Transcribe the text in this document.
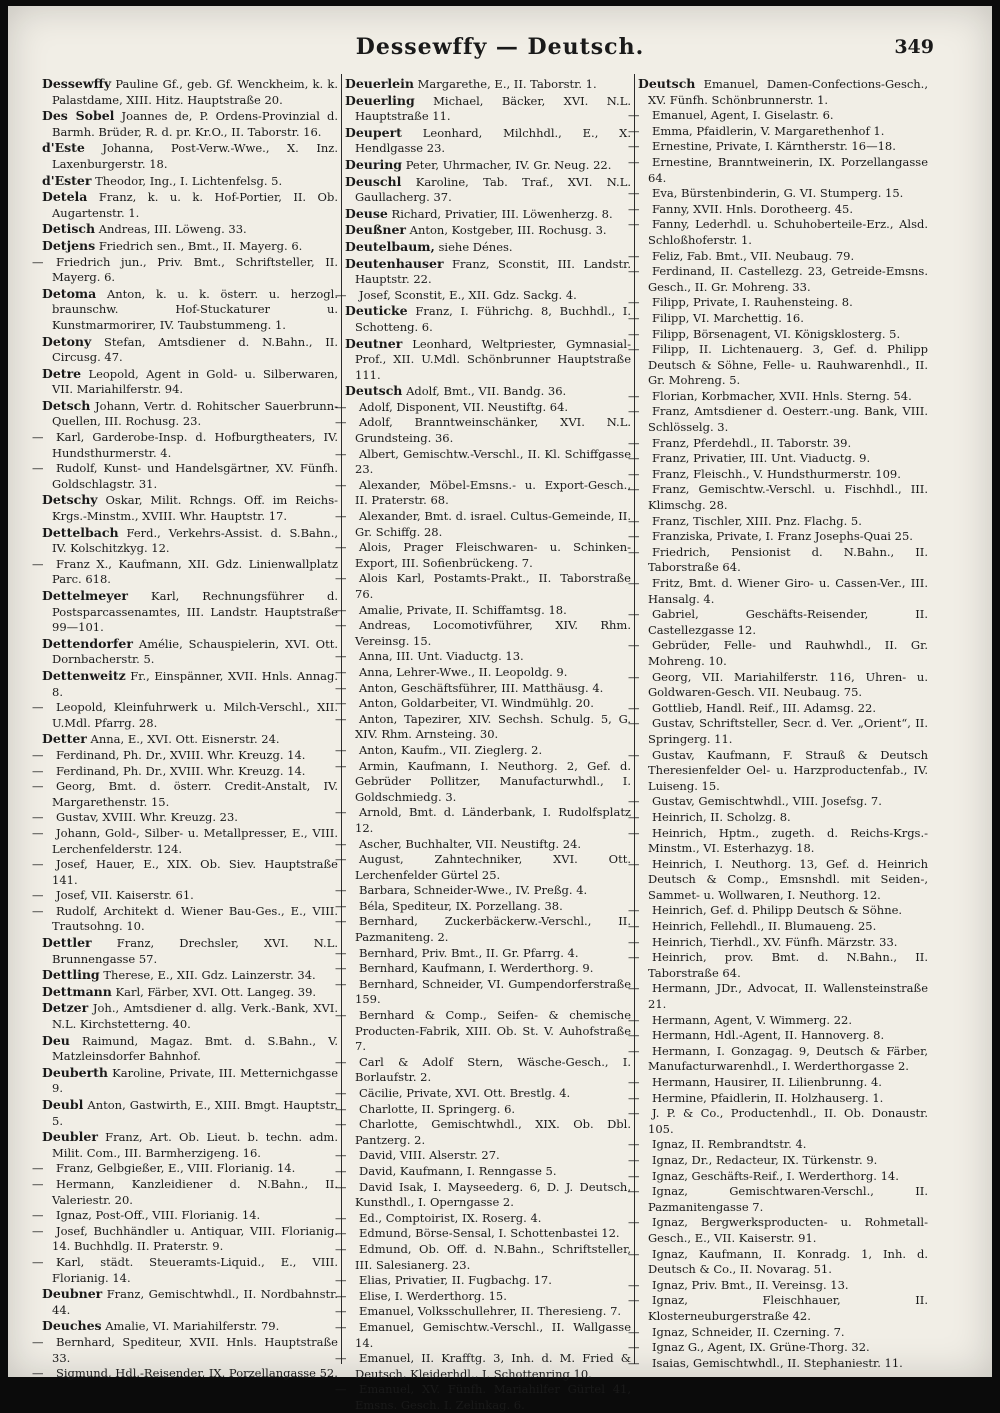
Dessewffy — Deutsch.	349

Dessewffy Pauline Gf., geb. Gf. Wenckheim, k. k. Palastdame, XIII. Hitz. Hauptstraße 20.

Des Sobel Joannes de, P. Ordens-Provinzial d. Barmh. Brüder, R. d. pr. Kr.O., II. Taborstr. 16.

d'Este Johanna, Post-Verw.-Wwe., X. Inz. Laxenburgerstr. 18.

d'Ester Theodor, Ing., I. Lichtenfelsg. 5.

Detela Franz, k. u. k. Hof-Portier, II. Ob. Augartenstr. 1.

Detisch Andreas, III. Löweng. 33.

Detjens Friedrich sen., Bmt., II. Mayerg. 6.

— Friedrich jun., Priv. Bmt., Schriftsteller, II. Mayerg. 6.

Detoma Anton, k. u. k. österr. u. herzogl. braunschw. Hof-Stuckaturer u. Kunstmarmorirer, IV. Taubstummeng. 1.

Detony Stefan, Amtsdiener d. N.Bahn., II. Circusg. 47.

Detre Leopold, Agent in Gold- u. Silberwaren, VII. Mariahilferstr. 94.

Detsch Johann, Vertr. d. Rohitscher Sauerbrunn-Quellen, III. Rochusg. 23.

— Karl, Garderobe-Insp. d. Hofburgtheaters, IV. Hundsthurmerstr. 4.

— Rudolf, Kunst- und Handelsgärtner, XV. Fünfh. Goldschlagstr. 31.

Detschy Oskar, Milit. Rchngs. Off. im Reichs-Krgs.-Minstm., XVIII. Whr. Hauptstr. 17.

Dettelbach Ferd., Verkehrs-Assist. d. S.Bahn., IV. Kolschitzkyg. 12.

— Franz X., Kaufmann, XII. Gdz. Linienwallplatz Parc. 618.

Dettelmeyer Karl, Rechnungsführer d. Postsparcassenamtes, III. Landstr. Hauptstraße 99—101.

Dettendorfer Amélie, Schauspielerin, XVI. Ott. Dornbacherstr. 5.

Dettenweitz Fr., Einspänner, XVII. Hnls. Annag. 8.

— Leopold, Kleinfuhrwerk u. Milch-Verschl., XII. U.Mdl. Pfarrg. 28.

Detter Anna, E., XVI. Ott. Eisnerstr. 24.

— Ferdinand, Ph. Dr., XVIII. Whr. Kreuzg. 14.

— Ferdinand, Ph. Dr., XVIII. Whr. Kreuzg. 14.

— Georg, Bmt. d. österr. Credit-Anstalt, IV. Margarethenstr. 15.

— Gustav, XVIII. Whr. Kreuzg. 23.

— Johann, Gold-, Silber- u. Metallpresser, E., VIII. Lerchenfelderstr. 124.

— Josef, Hauer, E., XIX. Ob. Siev. Hauptstraße 141.

— Josef, VII. Kaiserstr. 61.

— Rudolf, Architekt d. Wiener Bau-Ges., E., VIII. Trautsohng. 10.

Dettler Franz, Drechsler, XVI. N.L. Brunnengasse 57.

Dettling Therese, E., XII. Gdz. Lainzerstr. 34.

Dettmann Karl, Färber, XVI. Ott. Langeg. 39.

Detzer Joh., Amtsdiener d. allg. Verk.-Bank, XVI. N.L. Kirchstetterng. 40.

Deu Raimund, Magaz. Bmt. d. S.Bahn., V. Matzleinsdorfer Bahnhof.

Deuberth Karoline, Private, III. Metternichgasse 9.

Deubl Anton, Gastwirth, E., XIII. Bmgt. Hauptstr. 5.

Deubler Franz, Art. Ob. Lieut. b. techn. adm. Milit. Com., III. Barmherzigeng. 16.

— Franz, Gelbgießer, E., VIII. Florianig. 14.

— Hermann, Kanzleidiener d. N.Bahn., II. Valeriestr. 20.

— Ignaz, Post-Off., VIII. Florianig. 14.

— Josef, Buchhändler u. Antiquar, VIII. Florianig. 14. Buchhdlg. II. Praterstr. 9.

— Karl, städt. Steueramts-Liquid., E., VIII. Florianig. 14.

Deubner Franz, Gemischtwhdl., II. Nordbahnstr. 44.

Deuches Amalie, VI. Mariahilferstr. 79.

— Bernhard, Spediteur, XVII. Hnls. Hauptstraße 33.

— Sigmund, Hdl.-Reisender, IX. Porzellangasse 52.

Deuerlein Margarethe, E., II. Taborstr. 1.

Deuerling Michael, Bäcker, XVI. N.L. Hauptstraße 11.

Deupert Leonhard, Milchhdl., E., X. Hendlgasse 23.

Deuring Peter, Uhrmacher, IV. Gr. Neug. 22.

Deuschl Karoline, Tab. Traf., XVI. N.L. Gaullacherg. 37.

Deuse Richard, Privatier, III. Löwenherzg. 8.

Deußner Anton, Kostgeber, III. Rochusg. 3.

Deutelbaum, siehe Dénes.

Deutenhauser Franz, Sconstit, III. Landstr. Hauptstr. 22.

— Josef, Sconstit, E., XII. Gdz. Sackg. 4.

Deuticke Franz, I. Führichg. 8, Buchhdl., I. Schotteng. 6.

Deutner Leonhard, Weltpriester, Gymnasial-Prof., XII. U.Mdl. Schönbrunner Hauptstraße 111.

Deutsch Adolf, Bmt., VII. Bandg. 36.

— Adolf, Disponent, VII. Neustiftg. 64.

— Adolf, Branntweinschänker, XVI. N.L. Grundsteing. 36.

— Albert, Gemischtw.-Verschl., II. Kl. Schiffgasse 23.

— Alexander, Möbel-Emsns.- u. Export-Gesch., II. Praterstr. 68.

— Alexander, Bmt. d. israel. Cultus-Gemeinde, II. Gr. Schiffg. 28.

— Alois, Prager Fleischwaren- u. Schinken-Export, III. Sofienbrückeng. 7.

— Alois Karl, Postamts-Prakt., II. Taborstraße 76.

— Amalie, Private, II. Schiffamtsg. 18.

— Andreas, Locomotivführer, XIV. Rhm. Vereinsg. 15.

— Anna, III. Unt. Viaductg. 13.

— Anna, Lehrer-Wwe., II. Leopoldg. 9.

— Anton, Geschäftsführer, III. Matthäusg. 4.

— Anton, Goldarbeiter, VI. Windmühlg. 20.

— Anton, Tapezirer, XIV. Sechsh. Schulg. 5, G. XIV. Rhm. Arnsteing. 30.

— Anton, Kaufm., VII. Zieglerg. 2.

— Armin, Kaufmann, I. Neuthorg. 2, Gef. d. Gebrüder Pollitzer, Manufacturwhdl., I. Goldschmiedg. 3.

— Arnold, Bmt. d. Länderbank, I. Rudolfsplatz 12.

— Ascher, Buchhalter, VII. Neustiftg. 24.

— August, Zahntechniker, XVI. Ott. Lerchenfelder Gürtel 25.

— Barbara, Schneider-Wwe., IV. Preßg. 4.

— Béla, Spediteur, IX. Porzellang. 38.

— Bernhard, Zuckerbäckerw.-Verschl., II. Pazmaniteng. 2.

— Bernhard, Priv. Bmt., II. Gr. Pfarrg. 4.

— Bernhard, Kaufmann, I. Werderthorg. 9.

— Bernhard, Schneider, VI. Gumpendorferstraße 159.

— Bernhard & Comp., Seifen- & chemische Producten-Fabrik, XIII. Ob. St. V. Auhofstraße 7.

— Carl & Adolf Stern, Wäsche-Gesch., I. Borlaufstr. 2.

— Cäcilie, Private, XVI. Ott. Brestlg. 4.

— Charlotte, II. Springerg. 6.

— Charlotte, Gemischtwhdl., XIX. Ob. Dbl. Pantzerg. 2.

— David, VIII. Alserstr. 27.

— David, Kaufmann, I. Renngasse 5.

— David Isak, I. Mayseederg. 6, D. J. Deutsch, Kunsthdl., I. Operngasse 2.

— Ed., Comptoirist, IX. Roserg. 4.

— Edmund, Börse-Sensal, I. Schottenbastei 12.

— Edmund, Ob. Off. d. N.Bahn., Schriftsteller, III. Salesianerg. 23.

— Elias, Privatier, II. Fugbachg. 17.

— Elise, I. Werderthorg. 15.

— Emanuel, Volksschullehrer, II. Theresieng. 7.

— Emanuel, Gemischtw.-Verschl., II. Wallgasse 14.

— Emanuel, II. Krafftg. 3, Inh. d. M. Fried & Deutsch, Kleiderhdl., I. Schottenring 10.

— Emanuel, XV. Fünfh. Mariahilfer Gürtel 41, Emsns. Gesch. I. Zelinkag. 6.

Deutsch Emanuel, Damen-Confections-Gesch., XV. Fünfh. Schönbrunnerstr. 1.

— Emanuel, Agent, I. Giselastr. 6.

— Emma, Pfaidlerin, V. Margarethenhof 1.

— Ernestine, Private, I. Kärntherstr. 16—18.

— Ernestine, Branntweinerin, IX. Porzellangasse 64.

— Eva, Bürstenbinderin, G. VI. Stumperg. 15.

— Fanny, XVII. Hnls. Dorotheerg. 45.

— Fanny, Lederhdl. u. Schuhoberteile-Erz., Alsd. Schloßhoferstr. 1.

— Feliz, Fab. Bmt., VII. Neubaug. 79.

— Ferdinand, II. Castellezg. 23, Getreide-Emsns. Gesch., II. Gr. Mohreng. 33.

— Filipp, Private, I. Rauhensteing. 8.

— Filipp, VI. Marchettig. 16.

— Filipp, Börsenagent, VI. Königsklosterg. 5.

— Filipp, II. Lichtenauerg. 3, Gef. d. Philipp Deutsch & Söhne, Felle- u. Rauhwarenhdl., II. Gr. Mohreng. 5.

— Florian, Korbmacher, XVII. Hnls. Sterng. 54.

— Franz, Amtsdiener d. Oesterr.-ung. Bank, VIII. Schlösselg. 3.

— Franz, Pferdehdl., II. Taborstr. 39.

— Franz, Privatier, III. Unt. Viaductg. 9.

— Franz, Fleischh., V. Hundsthurmerstr. 109.

— Franz, Gemischtw.-Verschl. u. Fischhdl., III. Klimschg. 28.

— Franz, Tischler, XIII. Pnz. Flachg. 5.

— Franziska, Private, I. Franz Josephs-Quai 25.

— Friedrich, Pensionist d. N.Bahn., II. Taborstraße 64.

— Fritz, Bmt. d. Wiener Giro- u. Cassen-Ver., III. Hansalg. 4.

— Gabriel, Geschäfts-Reisender, II. Castellezgasse 12.

— Gebrüder, Felle- und Rauhwhdl., II. Gr. Mohreng. 10.

— Georg, VII. Mariahilferstr. 116, Uhren- u. Goldwaren-Gesch. VII. Neubaug. 75.

— Gottlieb, Handl. Reif., III. Adamsg. 22.

— Gustav, Schriftsteller, Secr. d. Ver. „Orient“, II. Springerg. 11.

— Gustav, Kaufmann, F. Strauß & Deutsch Theresienfelder Oel- u. Harzproductenfab., IV. Luiseng. 15.

— Gustav, Gemischtwhdl., VIII. Josefsg. 7.

— Heinrich, II. Scholzg. 8.

— Heinrich, Hptm., zugeth. d. Reichs-Krgs.-Minstm., VI. Esterhazyg. 18.

— Heinrich, I. Neuthorg. 13, Gef. d. Heinrich Deutsch & Comp., Emsnshdl. mit Seiden-, Sammet- u. Wollwaren, I. Neuthorg. 12.

— Heinrich, Gef. d. Philipp Deutsch & Söhne.

— Heinrich, Fellehdl., II. Blumaueng. 25.

— Heinrich, Tierhdl., XV. Fünfh. Märzstr. 33.

— Heinrich, prov. Bmt. d. N.Bahn., II. Taborstraße 64.

— Hermann, JDr., Advocat, II. Wallensteinstraße 21.

— Hermann, Agent, V. Wimmerg. 22.

— Hermann, Hdl.-Agent, II. Hannoverg. 8.

— Hermann, I. Gonzagag. 9, Deutsch & Färber, Manufacturwarenhdl., I. Werderthorgasse 2.

— Hermann, Hausirer, II. Lilienbrunng. 4.

— Hermine, Pfaidlerin, II. Holzhauserg. 1.

— J. P. & Co., Productenhdl., II. Ob. Donaustr. 105.

— Ignaz, II. Rembrandtstr. 4.

— Ignaz, Dr., Redacteur, IX. Türkenstr. 9.

— Ignaz, Geschäfts-Reif., I. Werderthorg. 14.

— Ignaz, Gemischtwaren-Verschl., II. Pazmanitengasse 7.

— Ignaz, Bergwerksproducten- u. Rohmetall-Gesch., E., VII. Kaiserstr. 91.

— Ignaz, Kaufmann, II. Konradg. 1, Inh. d. Deutsch & Co., II. Novarag. 51.

— Ignaz, Priv. Bmt., II. Vereinsg. 13.

— Ignaz, Fleischhauer, II. Klosterneuburgerstraße 42.

— Ignaz, Schneider, II. Czerning. 7.

— Ignaz G., Agent, IX. Grüne-Thorg. 32.

— Isaias, Gemischtwhdl., II. Stephaniestr. 11.
